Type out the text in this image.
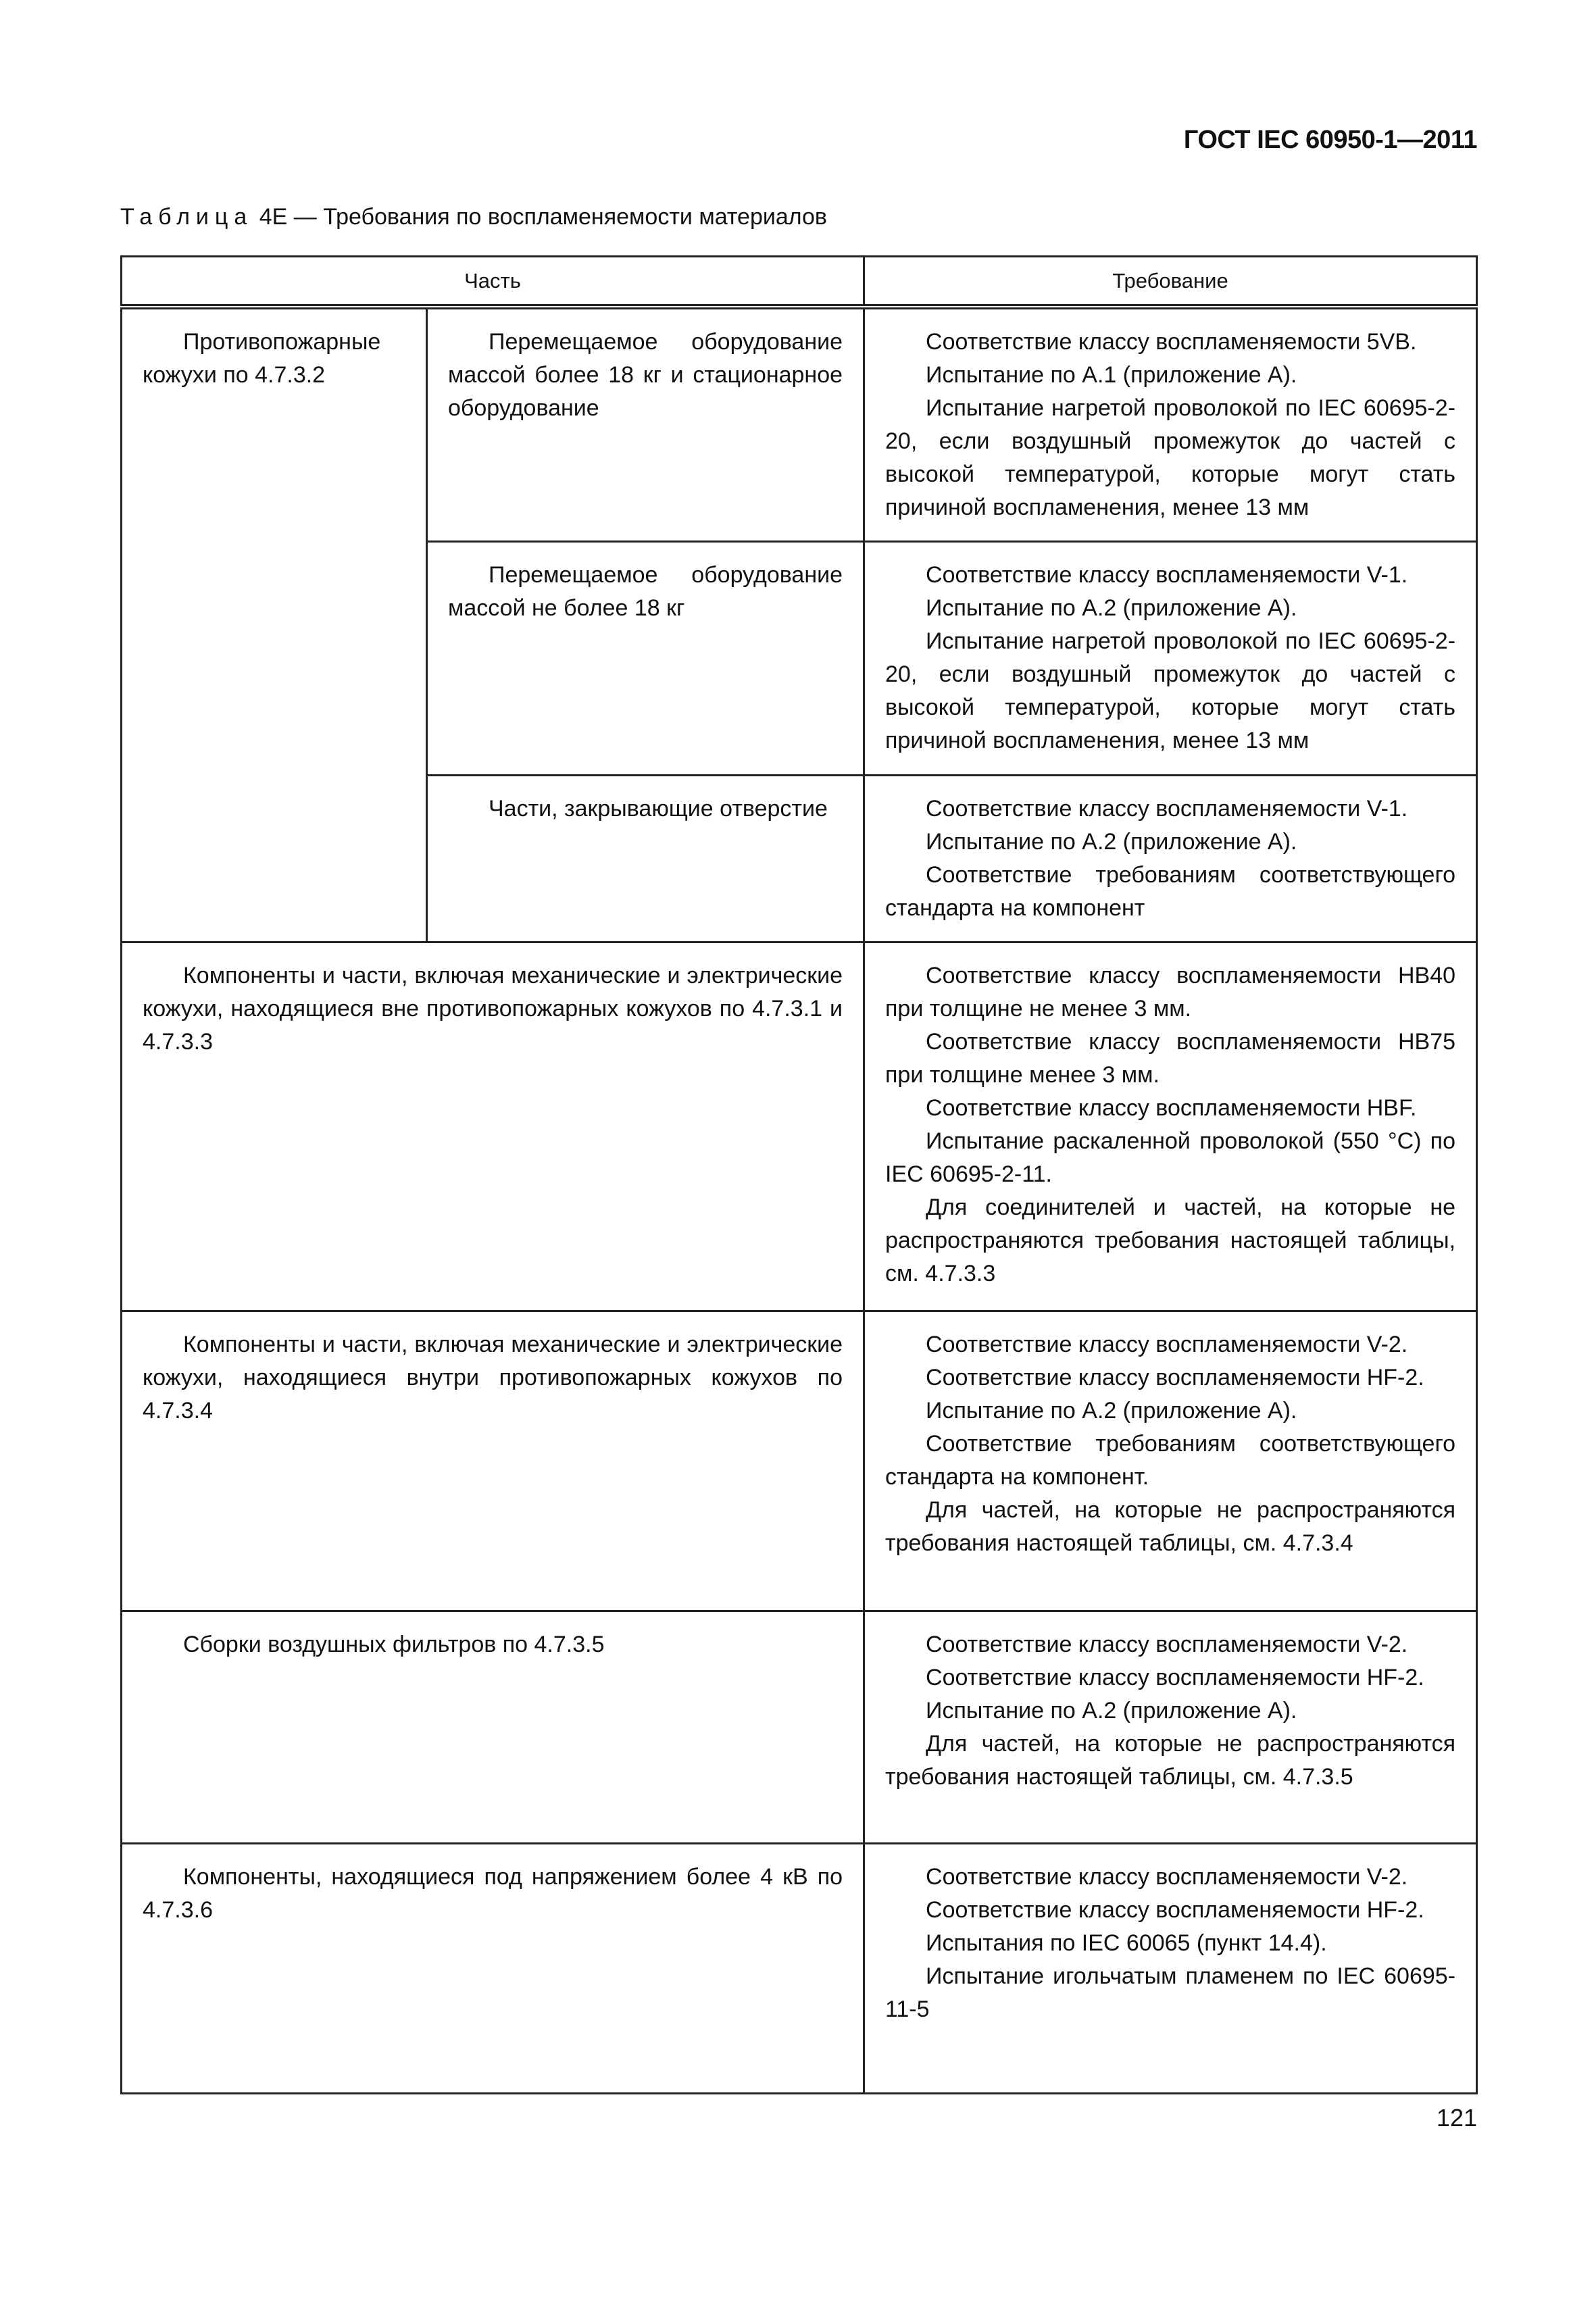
ГОСТ IEC 60950-1—2011
Таблица 4Е — Требования по воспламеняемости материалов
Часть		Требование

Противопожарные кожухи по 4.7.3.2	Перемещаемое оборудование массой более 18 кг и стационарное оборудование	Соответствие классу воспламеняемости 5VB.

Испытание по А.1 (приложение А).

Испытание нагретой проволокой по IEC 60695-2-20, если воздушный промежуток до частей с высокой температурой, которые могут стать причиной воспламенения, менее 13 мм

	Перемещаемое оборудование массой не более 18 кг	Соответствие классу воспламеняемости V-1.

Испытание по А.2 (приложение А).

Испытание нагретой проволокой по IEC 60695-2-20, если воздушный промежуток до частей с высокой температурой, которые могут стать причиной воспламенения, менее 13 мм

	Части, закрывающие отверстие	Соответствие классу воспламеняемости V-1.

Испытание по А.2 (приложение А).

Соответствие требованиям соответствующего стандарта на компонент

Компоненты и части, включая механические и электрические кожухи, находящиеся вне противопожарных кожухов по 4.7.3.1 и 4.7.3.3		Соответствие классу воспламеняемости НВ40 при толщине не менее 3 мм.

Соответствие классу воспламеняемости НВ75 при толщине менее 3 мм.

Соответствие классу воспламеняемости HBF.

Испытание раскаленной проволокой (550 °С) по IEC 60695-2-11.

Для соединителей и частей, на которые не распространяются требования настоящей таблицы, см. 4.7.3.3

Компоненты и части, включая механические и электрические кожухи, находящиеся внутри противопожарных кожухов по 4.7.3.4		Соответствие классу воспламеняемости V-2.

Соответствие классу воспламеняемости HF-2.

Испытание по А.2 (приложение А).

Соответствие требованиям соответствующего стандарта на компонент.

Для частей, на которые не распространяются требования настоящей таблицы, см. 4.7.3.4

Сборки воздушных фильтров по 4.7.3.5		Соответствие классу воспламеняемости V-2.

Соответствие классу воспламеняемости HF-2.

Испытание по А.2 (приложение А).

Для частей, на которые не распространяются требования настоящей таблицы, см. 4.7.3.5

Компоненты, находящиеся под напряжением более 4 кВ по 4.7.3.6		Соответствие классу воспламеняемости V-2.

Соответствие классу воспламеняемости HF-2.

Испытания по IEC 60065 (пункт 14.4).

Испытание игольчатым пламенем по IEC 60695-11-5

121
